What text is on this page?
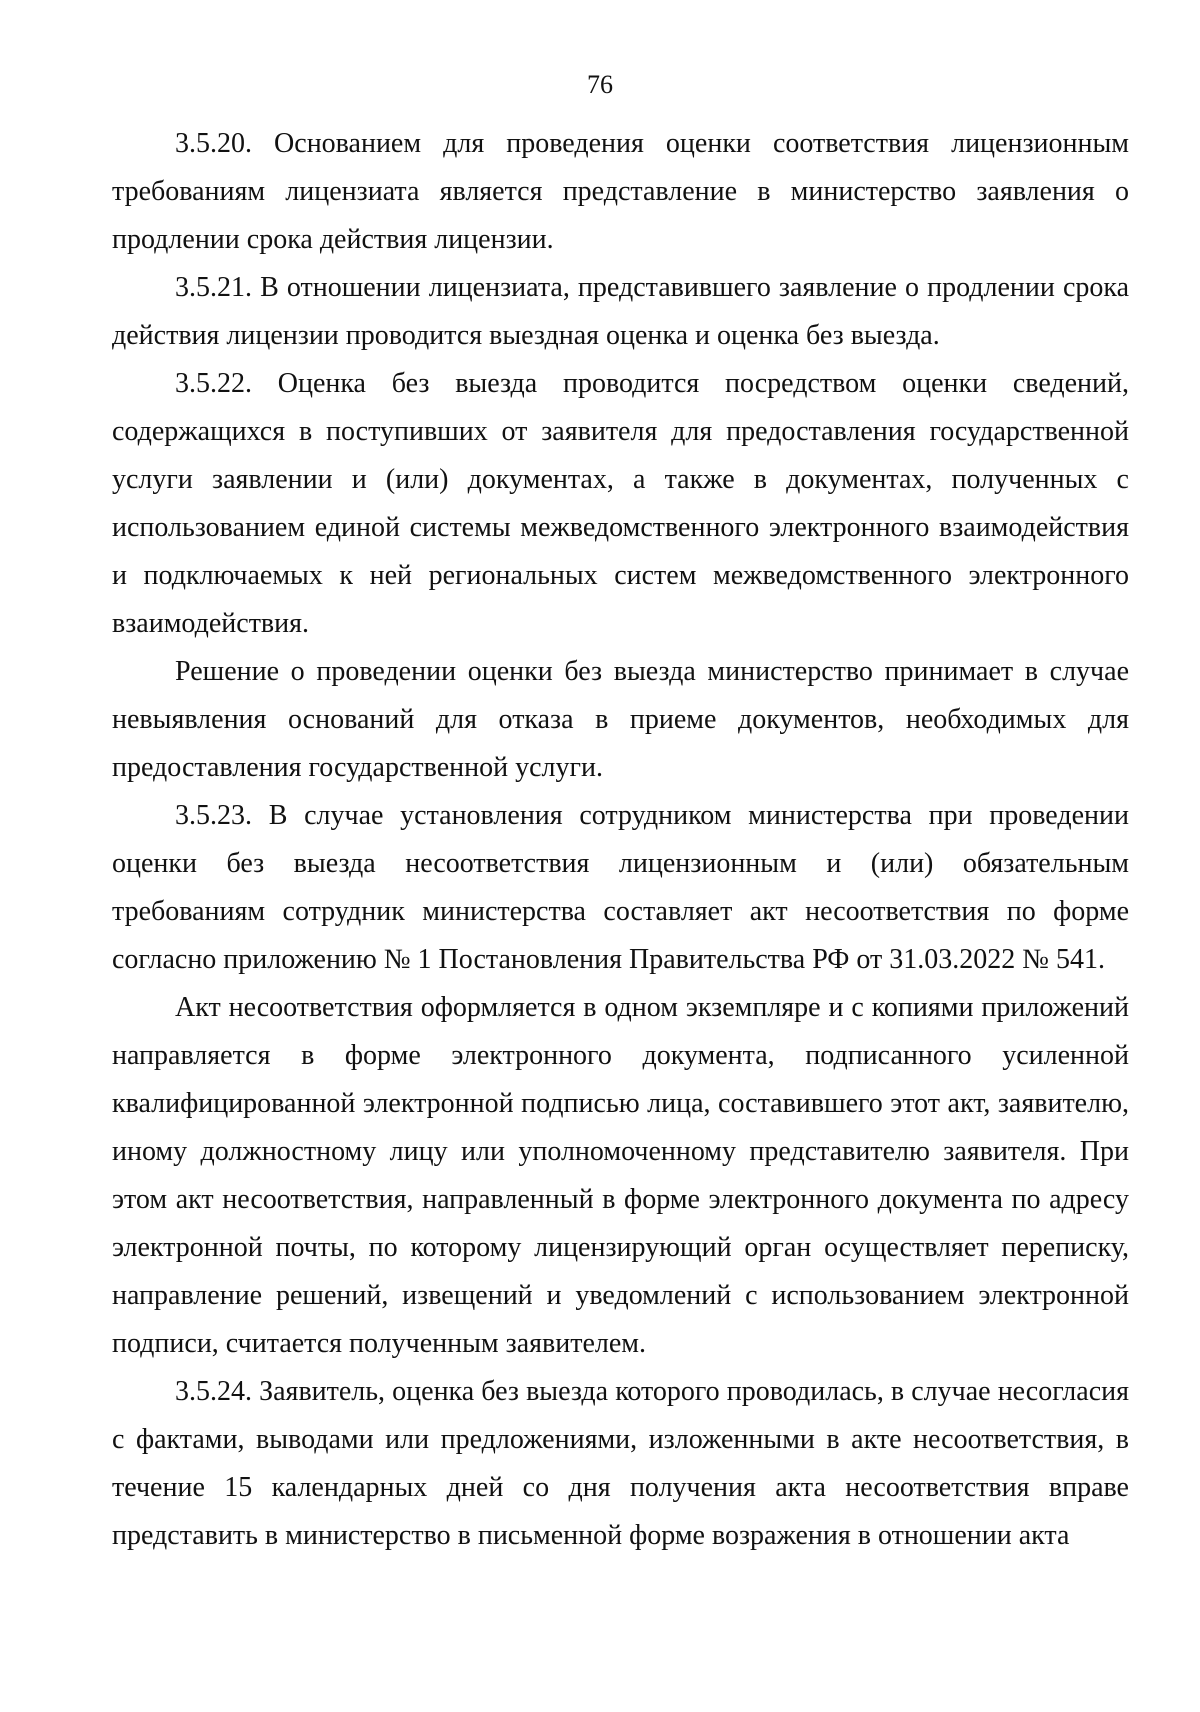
76

3.5.20. Основанием для проведения оценки соответствия лицензионным требованиям лицензиата является представление в министерство заявления о продлении срока действия лицензии.

3.5.21. В отношении лицензиата, представившего заявление о продлении срока действия лицензии проводится выездная оценка и оценка без выезда.

3.5.22. Оценка без выезда проводится посредством оценки сведений, содержащихся в поступивших от заявителя для предоставления государственной услуги заявлении и (или) документах, а также в документах, полученных с использованием единой системы межведомственного электронного взаимодействия и подключаемых к ней региональных систем межведомственного электронного взаимодействия.

Решение о проведении оценки без выезда министерство принимает в случае невыявления оснований для отказа в приеме документов, необходимых для предоставления государственной услуги.

3.5.23. В случае установления сотрудником министерства при проведении оценки без выезда несоответствия лицензионным и (или) обязательным требованиям сотрудник министерства составляет акт несоответствия по форме согласно приложению № 1 Постановления Правительства РФ от 31.03.2022 № 541.

Акт несоответствия оформляется в одном экземпляре и с копиями приложений направляется в форме электронного документа, подписанного усиленной квалифицированной электронной подписью лица, составившего этот акт, заявителю, иному должностному лицу или уполномоченному представителю заявителя. При этом акт несоответствия, направленный в форме электронного документа по адресу электронной почты, по которому лицензирующий орган осуществляет переписку, направление решений, извещений и уведомлений с использованием электронной подписи, считается полученным заявителем.

3.5.24. Заявитель, оценка без выезда которого проводилась, в случае несогласия с фактами, выводами или предложениями, изложенными в акте несоответствия, в течение 15 календарных дней со дня получения акта несоответствия вправе представить в министерство в письменной форме возражения в отношении акта
